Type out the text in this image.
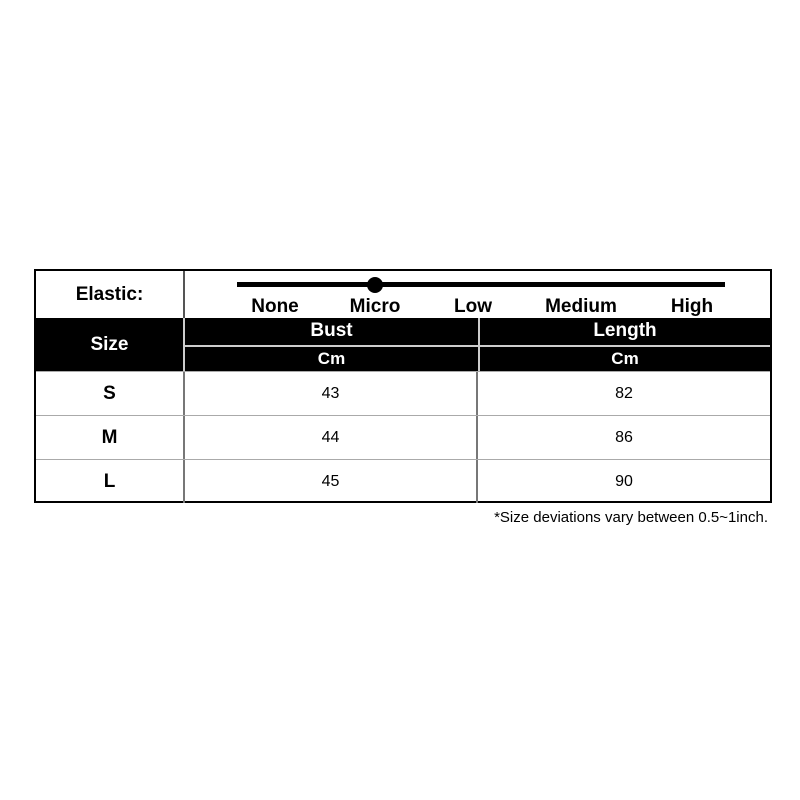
Elastic:
None	Micro	Low	Medium	High
Size
Bust	Length
Cm	Cm
S	43	82
M	44	86
L	45	90
*Size deviations vary between 0.5~1inch.
